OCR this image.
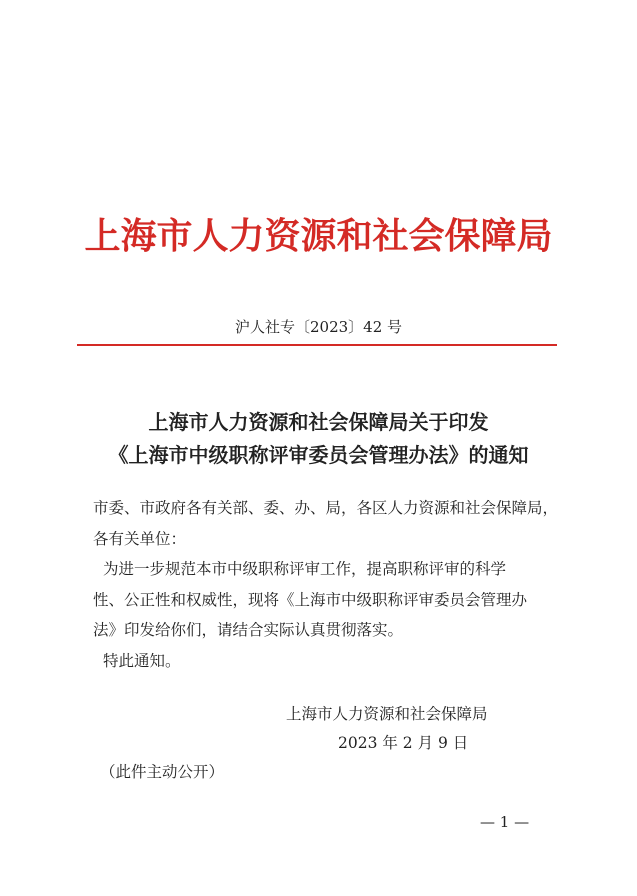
上海市人力资源和社会保障局
沪人社专〔2023〕42 号
上海市人力资源和社会保障局关于印发
《上海市中级职称评审委员会管理办法》的通知
市委、市政府各有关部、委、办、局，各区人力资源和社会保障局，
各有关单位：
为进一步规范本市中级职称评审工作，提高职称评审的科学
性、公正性和权威性，现将《上海市中级职称评审委员会管理办
法》印发给你们，请结合实际认真贯彻落实。
特此通知。
上海市人力资源和社会保障局
2023 年 2 月 9 日
（此件主动公开）
— 1 —
